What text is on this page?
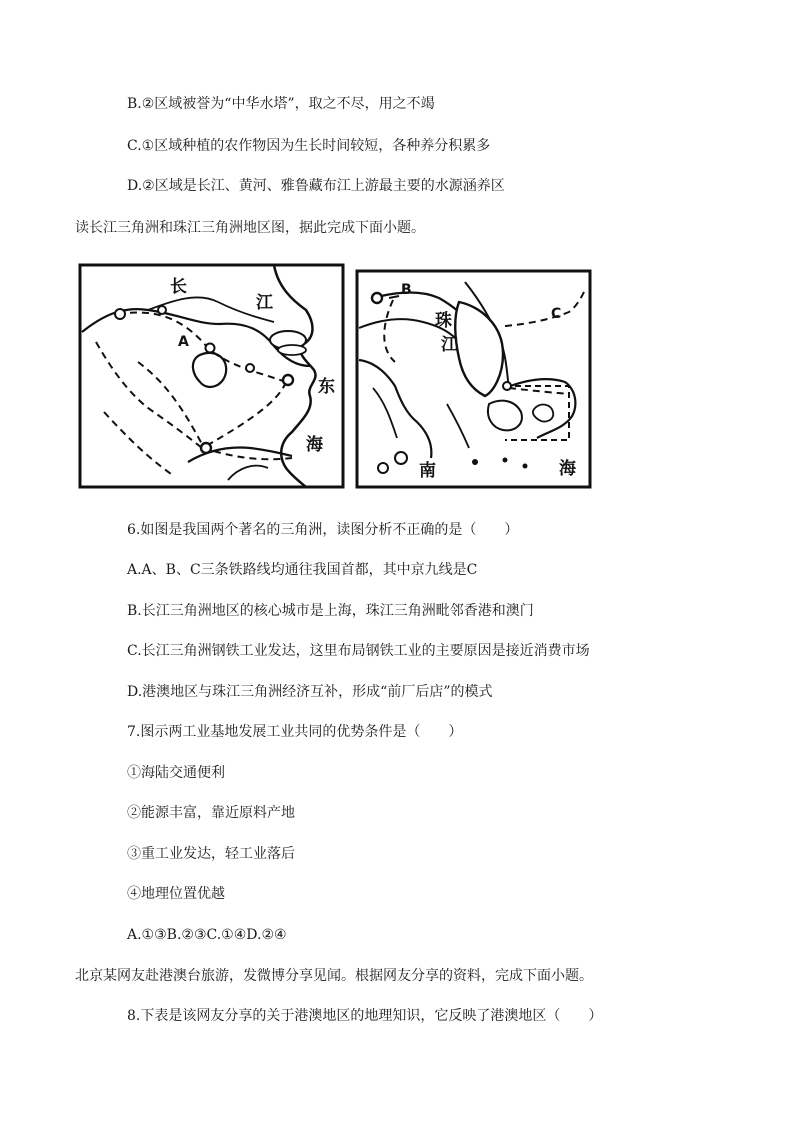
B.②区域被誉为“中华水塔”，取之不尽，用之不竭
C.①区域种植的农作物因为生长时间较短，各种养分积累多
D.②区域是长江、黄河、雅鲁藏布江上游最主要的水源涵养区
读长江三角洲和珠江三角洲地区图，据此完成下面小题。
长
江
东
海
A
B
C
珠
江
南	海
6.如图是我国两个著名的三角洲，读图分析不正确的是（　　）
A.A、B、C三条铁路线均通往我国首都，其中京九线是C
B.长江三角洲地区的核心城市是上海，珠江三角洲毗邻香港和澳门
C.长江三角洲钢铁工业发达，这里布局钢铁工业的主要原因是接近消费市场
D.港澳地区与珠江三角洲经济互补，形成“前厂后店”的模式
7.图示两工业基地发展工业共同的优势条件是（　　）
①海陆交通便利
②能源丰富，靠近原料产地
③重工业发达，轻工业落后
④地理位置优越
A.①③B.②③C.①④D.②④
北京某网友赴港澳台旅游，发微博分享见闻。根据网友分享的资料，完成下面小题。
8.下表是该网友分享的关于港澳地区的地理知识，它反映了港澳地区（　　）
